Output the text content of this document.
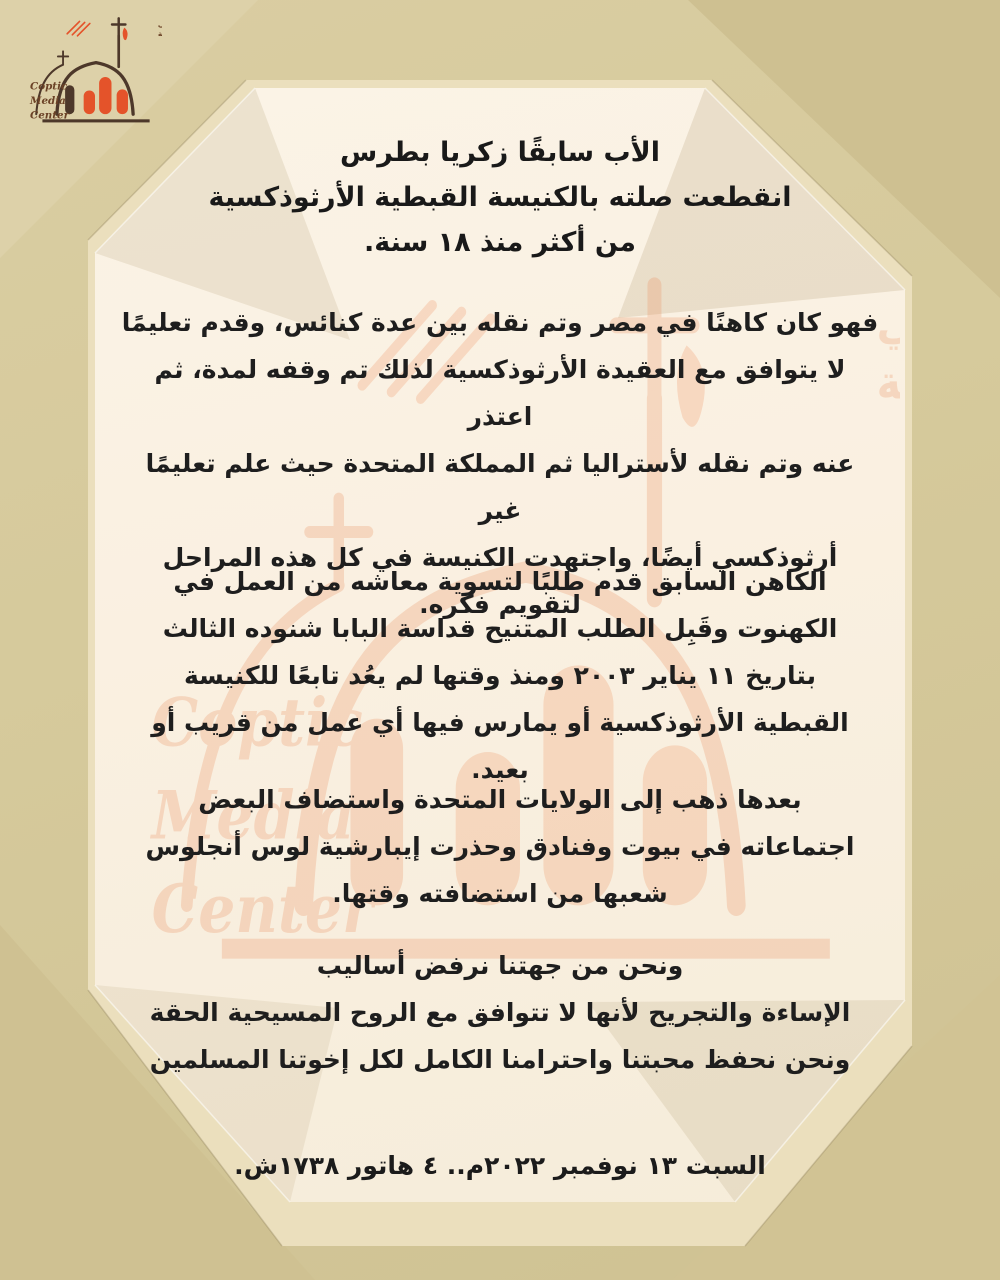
الأب سابقًا زكريا بطرس
انقطعت صلته بالكنيسة القبطية الأرثوذكسية
من أكثر منذ ١٨ سنة.
فهو كان كاهنًا في مصر وتم نقله بين عدة كنائس، وقدم تعليمًا
لا يتوافق مع العقيدة الأرثوذكسية لذلك تم وقفه لمدة، ثم اعتذر
عنه وتم نقله لأستراليا ثم المملكة المتحدة حيث علم تعليمًا غير
أرثوذكسي أيضًا، واجتهدت الكنيسة في كل هذه المراحل
لتقويم فكره.
الكاهن السابق قدم طلبًا لتسوية معاشه من العمل في
الكهنوت وقَبِل الطلب المتنيح قداسة البابا شنوده الثالث
بتاريخ ١١ يناير ٢٠٠٣ ومنذ وقتها لم يعُد تابعًا للكنيسة
القبطية الأرثوذكسية أو يمارس فيها أي عمل من قريب أو بعيد.
بعدها ذهب إلى الولايات المتحدة واستضاف البعض
اجتماعاته في بيوت وفنادق وحذرت إيبارشية لوس أنجلوس
شعبها من استضافته وقتها.
ونحن من جهتنا نرفض أساليب
الإساءة والتجريح لأنها لا تتوافق مع الروح المسيحية الحقة
ونحن نحفظ محبتنا واحترامنا الكامل لكل إخوتنا المسلمين
السبت ١٣ نوفمبر ٢٠٢٢م.. ٤ هاتور ١٧٣٨ش.
